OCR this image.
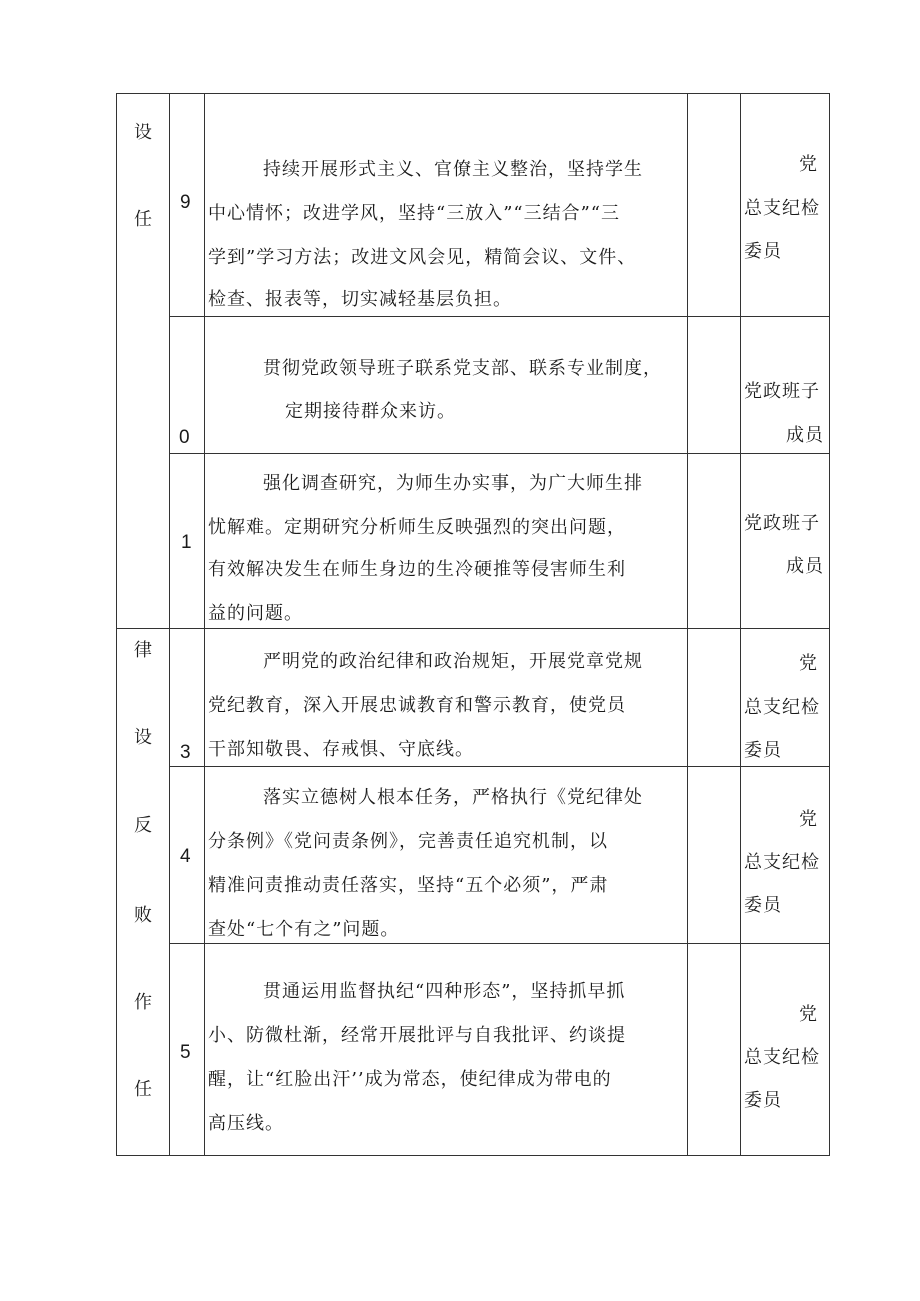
设
任
律
设
反
败
作
任
9
0
1
3
4
5
持续开展形式主义、官僚主义整治，坚持学生
中心情怀；改进学风，坚持“三放入”“三结合”“三
学到”学习方法；改进文风会见，精简会议、文件、
检查、报表等，切实减轻基层负担。
贯彻党政领导班子联系党支部、联系专业制度，
定期接待群众来访。
强化调查研究，为师生办实事，为广大师生排
忧解难。定期研究分析师生反映强烈的突出问题，
有效解决发生在师生身边的生冷硬推等侵害师生利
益的问题。
严明党的政治纪律和政治规矩，开展党章党规
党纪教育，深入开展忠诚教育和警示教育，使党员
干部知敬畏、存戒惧、守底线。
落实立德树人根本任务，严格执行《党纪律处
分条例》《党问责条例》，完善责任追究机制，以
精准问责推动责任落实，坚持“五个必须”，严肃
查处“七个有之”问题。
贯通运用监督执纪“四种形态”，坚持抓早抓
小、防微杜渐，经常开展批评与自我批评、约谈提
醒，让“红脸出汗’’成为常态，使纪律成为带电的
高压线。
党
总支纪检
委员
党政班子
成员
党政班子
成员
党
总支纪检
委员
党
总支纪检
委员
党
总支纪检
委员
